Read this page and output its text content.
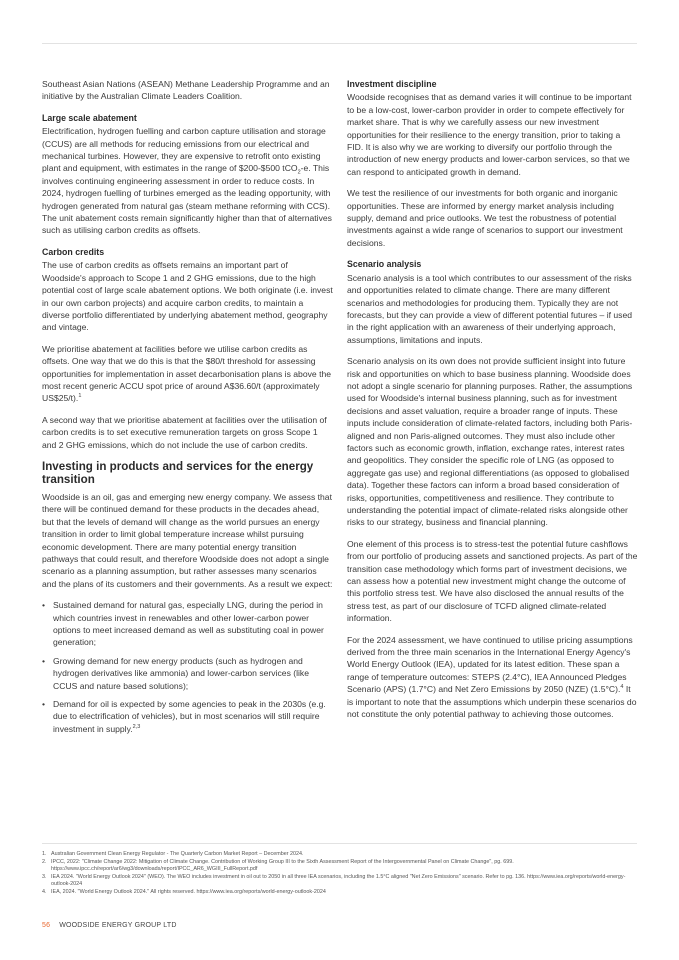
Southeast Asian Nations (ASEAN) Methane Leadership Programme and an initiative by the Australian Climate Leaders Coalition.

Large scale abatement

Electrification, hydrogen fuelling and carbon capture utilisation and storage (CCUS) are all methods for reducing emissions from our electrical and mechanical turbines. However, they are expensive to retrofit onto existing plant and equipment, with estimates in the range of $200-$500 tCO$_2$-e. This involves continuing engineering assessment in order to reduce costs. In 2024, hydrogen fuelling of turbines emerged as the leading opportunity, with hydrogen generated from natural gas (steam methane reforming with CCS). The unit abatement costs remain significantly higher than that of alternatives such as utilising carbon credits as offsets.

Carbon credits

The use of carbon credits as offsets remains an important part of Woodside's approach to Scope 1 and 2 GHG emissions, due to the high potential cost of large scale abatement options. We both originate (i.e. invest in our own carbon projects) and acquire carbon credits, to maintain a diverse portfolio differentiated by underlying abatement method, geography and vintage.

We prioritise abatement at facilities before we utilise carbon credits as offsets. One way that we do this is that the $80/t threshold for assessing opportunities for implementation in asset decarbonisation plans is above the most recent generic ACCU spot price of around A$36.60/t (approximately US$25/t).$^1$

A second way that we prioritise abatement at facilities over the utilisation of carbon credits is to set executive remuneration targets on gross Scope 1 and 2 GHG emissions, which do not include the use of carbon credits.

Investing in products and services for the energy transition

Woodside is an oil, gas and emerging new energy company. We assess that there will be continued demand for these products in the decades ahead, but that the levels of demand will change as the world pursues an energy transition in order to limit global temperature increase whilst pursuing economic development. There are many potential energy transition pathways that could result, and therefore Woodside does not adopt a single scenario as a planning assumption, but rather assesses many scenarios and the plans of its customers and their governments. As a result we expect:

• Sustained demand for natural gas, especially LNG, during the period in which countries invest in renewables and other lower-carbon power options to meet increased demand as well as substituting coal in power generation;
• Growing demand for new energy products (such as hydrogen and hydrogen derivatives like ammonia) and lower-carbon services (like CCUS and nature based solutions);
• Demand for oil is expected by some agencies to peak in the 2030s (e.g. due to electrification of vehicles), but in most scenarios will still require investment in supply.$^{2,3}$
Investment discipline

Woodside recognises that as demand varies it will continue to be important to be a low-cost, lower-carbon provider in order to compete effectively for market share. That is why we carefully assess our new investment opportunities for their resilience to the energy transition, prior to taking a FID. It is also why we are working to diversify our portfolio through the introduction of new energy products and lower-carbon services, so that we can respond to anticipated growth in demand.

We test the resilience of our investments for both organic and inorganic opportunities. These are informed by energy market analysis including supply, demand and price outlooks. We test the robustness of potential investments against a wide range of scenarios to support our investment decisions.

Scenario analysis

Scenario analysis is a tool which contributes to our assessment of the risks and opportunities related to climate change. There are many different scenarios and methodologies for producing them. Typically they are not forecasts, but they can provide a view of different potential futures – if used in the right application with an awareness of their underlying approach, assumptions, limitations and inputs.

Scenario analysis on its own does not provide sufficient insight into future risk and opportunities on which to base business planning. Woodside does not adopt a single scenario for planning purposes. Rather, the assumptions used for Woodside's internal business planning, such as for investment decisions and asset valuation, require a broader range of inputs. These inputs include consideration of climate-related factors, including both Paris-aligned and non Paris-aligned outcomes. They must also include other factors such as economic growth, inflation, exchange rates, interest rates and geopolitics. They consider the specific role of LNG (as opposed to aggregate gas use) and regional differentiations (as opposed to globalised data). Together these factors can inform a broad based consideration of risks, opportunities, competitiveness and resilience. They contribute to understanding the potential impact of climate-related risks alongside other risks to our strategy, business and financial planning.

One element of this process is to stress-test the potential future cashflows from our portfolio of producing assets and sanctioned projects. As part of the transition case methodology which forms part of investment decisions, we can assess how a potential new investment might change the outcome of this portfolio stress test. We have also disclosed the annual results of the stress test, as part of our disclosure of TCFD aligned climate-related information.

For the 2024 assessment, we have continued to utilise pricing assumptions derived from the three main scenarios in the International Energy Agency's World Energy Outlook (IEA), updated for its latest edition. These span a range of temperature outcomes: STEPS (2.4°C), IEA Announced Pledges Scenario (APS) (1.7°C) and Net Zero Emissions by 2050 (NZE) (1.5°C).$^4$ It is important to note that the assumptions which underpin these scenarios do not constitute the only potential pathway to achieving those outcomes.

1. Australian Government Clean Energy Regulator - The Quarterly Carbon Market Report – December 2024.
2. IPCC, 2022: "Climate Change 2022: Mitigation of Climate Change. Contribution of Working Group III to the Sixth Assessment Report of the Intergovernmental Panel on Climate Change", pg. 699. https://www.ipcc.ch/report/ar6/wg3/downloads/report/IPCC_AR6_WGIII_FullReport.pdf
3. IEA 2024. "World Energy Outlook 2024" (WEO). The WEO includes investment in oil out to 2050 in all three IEA scenarios, including the 1.5°C aligned "Net Zero Emissions" scenario. Refer to pg. 136. https://www.iea.org/reports/world-energy-outlook-2024
4. IEA, 2024. "World Energy Outlook 2024." All rights reserved. https://www.iea.org/reports/world-energy-outlook-2024
56 WOODSIDE ENERGY GROUP LTD
